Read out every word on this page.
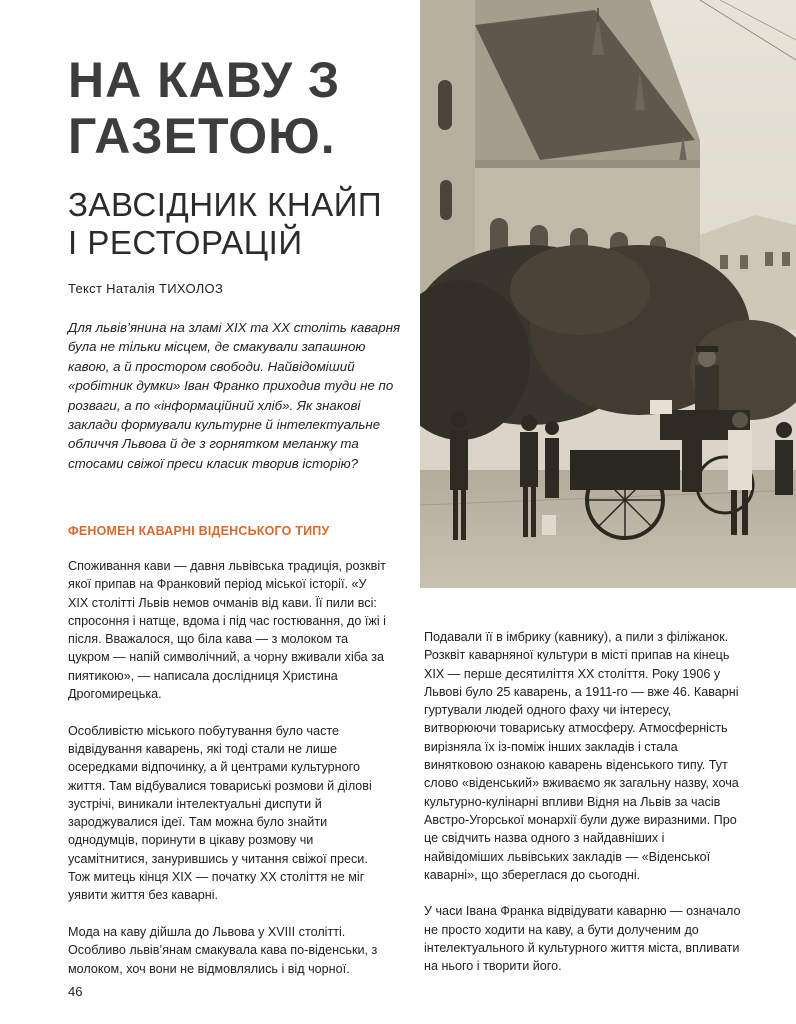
НА КАВУ З
ГАЗЕТОЮ.
ЗАВСІДНИК КНАЙП
І РЕСТОРАЦІЙ
Текст Наталія ТИХОЛОЗ

Для львів’янина на зламі XIX та XX століть каварня була не тільки місцем, де смакували запашною кавою, а й простором свободи. Найвідоміший «робітник думки» Іван Франко приходив туди не по розваги, а по «інформаційний хліб». Як знакові заклади формували культурне й інтелектуальне обличчя Львова й де з горнятком меланжу та стосами свіжої преси класик творив історію?

ФЕНОМЕН КАВАРНІ ВІДЕНСЬКОГО ТИПУ

Споживання кави — давня львівська традиція, розквіт якої припав на Франковий період міської історії. «У XIX столітті Львів немов очманів від кави. Її пили всі: спросоння і натще, вдома і під час гостювання, до їжі і після. Вважалося, що біла кава — з молоком та цукром — напій символічний, а чорну вживали хіба за пиятикою», — написала дослідниця Христина Дрогомирецька.

Особливістю міського побутування було часте відвідування каварень, які тоді стали не лише осередками відпочинку, а й центрами культурного життя. Там відбувалися товариські розмови й ділові зустрічі, виникали інтелектуальні диспути й зароджувалися ідеї. Там можна було знайти однодумців, поринути в цікаву розмову чи усамітнитися, занурившись у читання свіжої преси. Тож митець кінця XIX — початку XX століття не міг уявити життя без каварні.

Мода на каву дійшла до Львова у XVIII столітті. Особливо львів’янам смакувала кава по-віденськи, з молоком, хоч вони не відмовлялись і від чорної.

Подавали її в імбрику (кавнику), а пили з філіжанок. Розквіт каварняної культури в місті припав на кінець XIX — перше десятиліття XX століття. Року 1906 у Львові було 25 каварень, а 1911-го — вже 46. Каварні гуртували людей одного фаху чи інтересу, витворюючи товариську атмосферу. Атмосферність вирізняла їх із-поміж інших закладів і стала винятковою ознакою каварень віденського типу. Тут слово «віденський» вживаємо як загальну назву, хоча культурно-кулінарні впливи Відня на Львів за часів Австро-Угорської монархії були дуже виразними. Про це свідчить назва одного з найдавніших і найвідоміших львівських закладів — «Віденської каварні», що збереглася до сьогодні.

У часи Івана Франка відвідувати каварню — означало не просто ходити на каву, а бути долученим до інтелектуального й культурного життя міста, впливати на нього і творити його.

46
